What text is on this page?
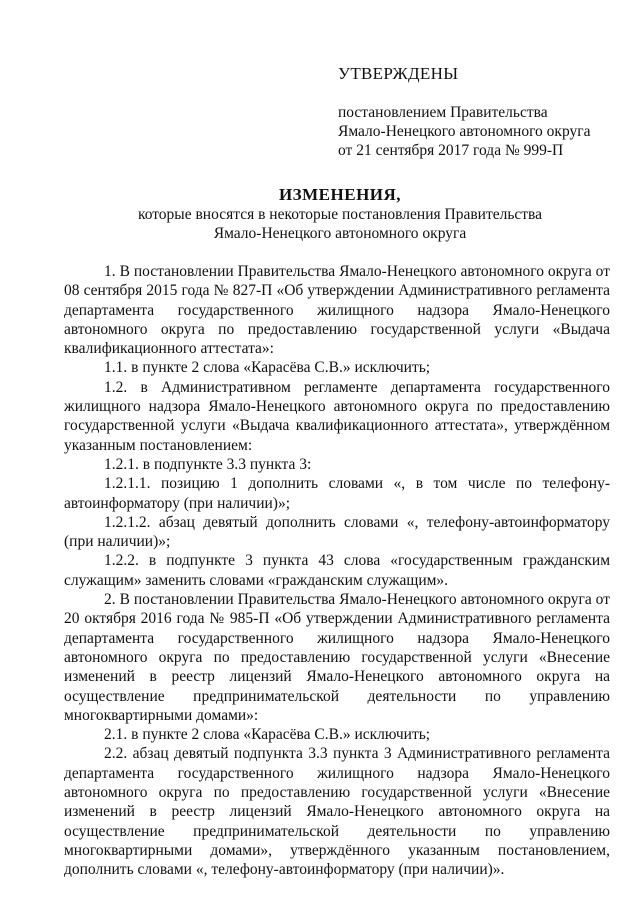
УТВЕРЖДЕНЫ
постановлением Правительства
Ямало-Ненецкого автономного округа
от 21 сентября 2017 года № 999-П
ИЗМЕНЕНИЯ,
которые вносятся в некоторые постановления Правительства
Ямало-Ненецкого автономного округа

1. В постановлении Правительства Ямало-Ненецкого автономного округа от 08 сентября 2015 года № 827-П «Об утверждении Административного регламента департамента государственного жилищного надзора Ямало-Ненецкого автономного округа по предоставлению государственной услуги «Выдача квалификационного аттестата»:

1.1. в пункте 2 слова «Карасёва С.В.» исключить;

1.2. в Административном регламенте департамента государственного жилищного надзора Ямало-Ненецкого автономного округа по предоставлению государственной услуги «Выдача квалификационного аттестата», утверждённом указанным постановлением:

1.2.1. в подпункте 3.3 пункта 3:

1.2.1.1. позицию 1 дополнить словами «, в том числе по телефону-автоинформатору (при наличии)»;

1.2.1.2. абзац девятый дополнить словами «, телефону-автоинформатору (при наличии)»;

1.2.2. в подпункте 3 пункта 43 слова «государственным гражданским служащим» заменить словами «гражданским служащим».

2. В постановлении Правительства Ямало-Ненецкого автономного округа от 20 октября 2016 года № 985-П «Об утверждении Административного регламента департамента государственного жилищного надзора Ямало-Ненецкого автономного округа по предоставлению государственной услуги «Внесение изменений в реестр лицензий Ямало-Ненецкого автономного округа на осуществление предпринимательской деятельности по управлению многоквартирными домами»:

2.1. в пункте 2 слова «Карасёва С.В.» исключить;

2.2. абзац девятый подпункта 3.3 пункта 3 Административного регламента департамента государственного жилищного надзора Ямало-Ненецкого автономного округа по предоставлению государственной услуги «Внесение изменений в реестр лицензий Ямало-Ненецкого автономного округа на осуществление предпринимательской деятельности по управлению многоквартирными домами», утверждённого указанным постановлением, дополнить словами «, телефону-автоинформатору (при наличии)».
